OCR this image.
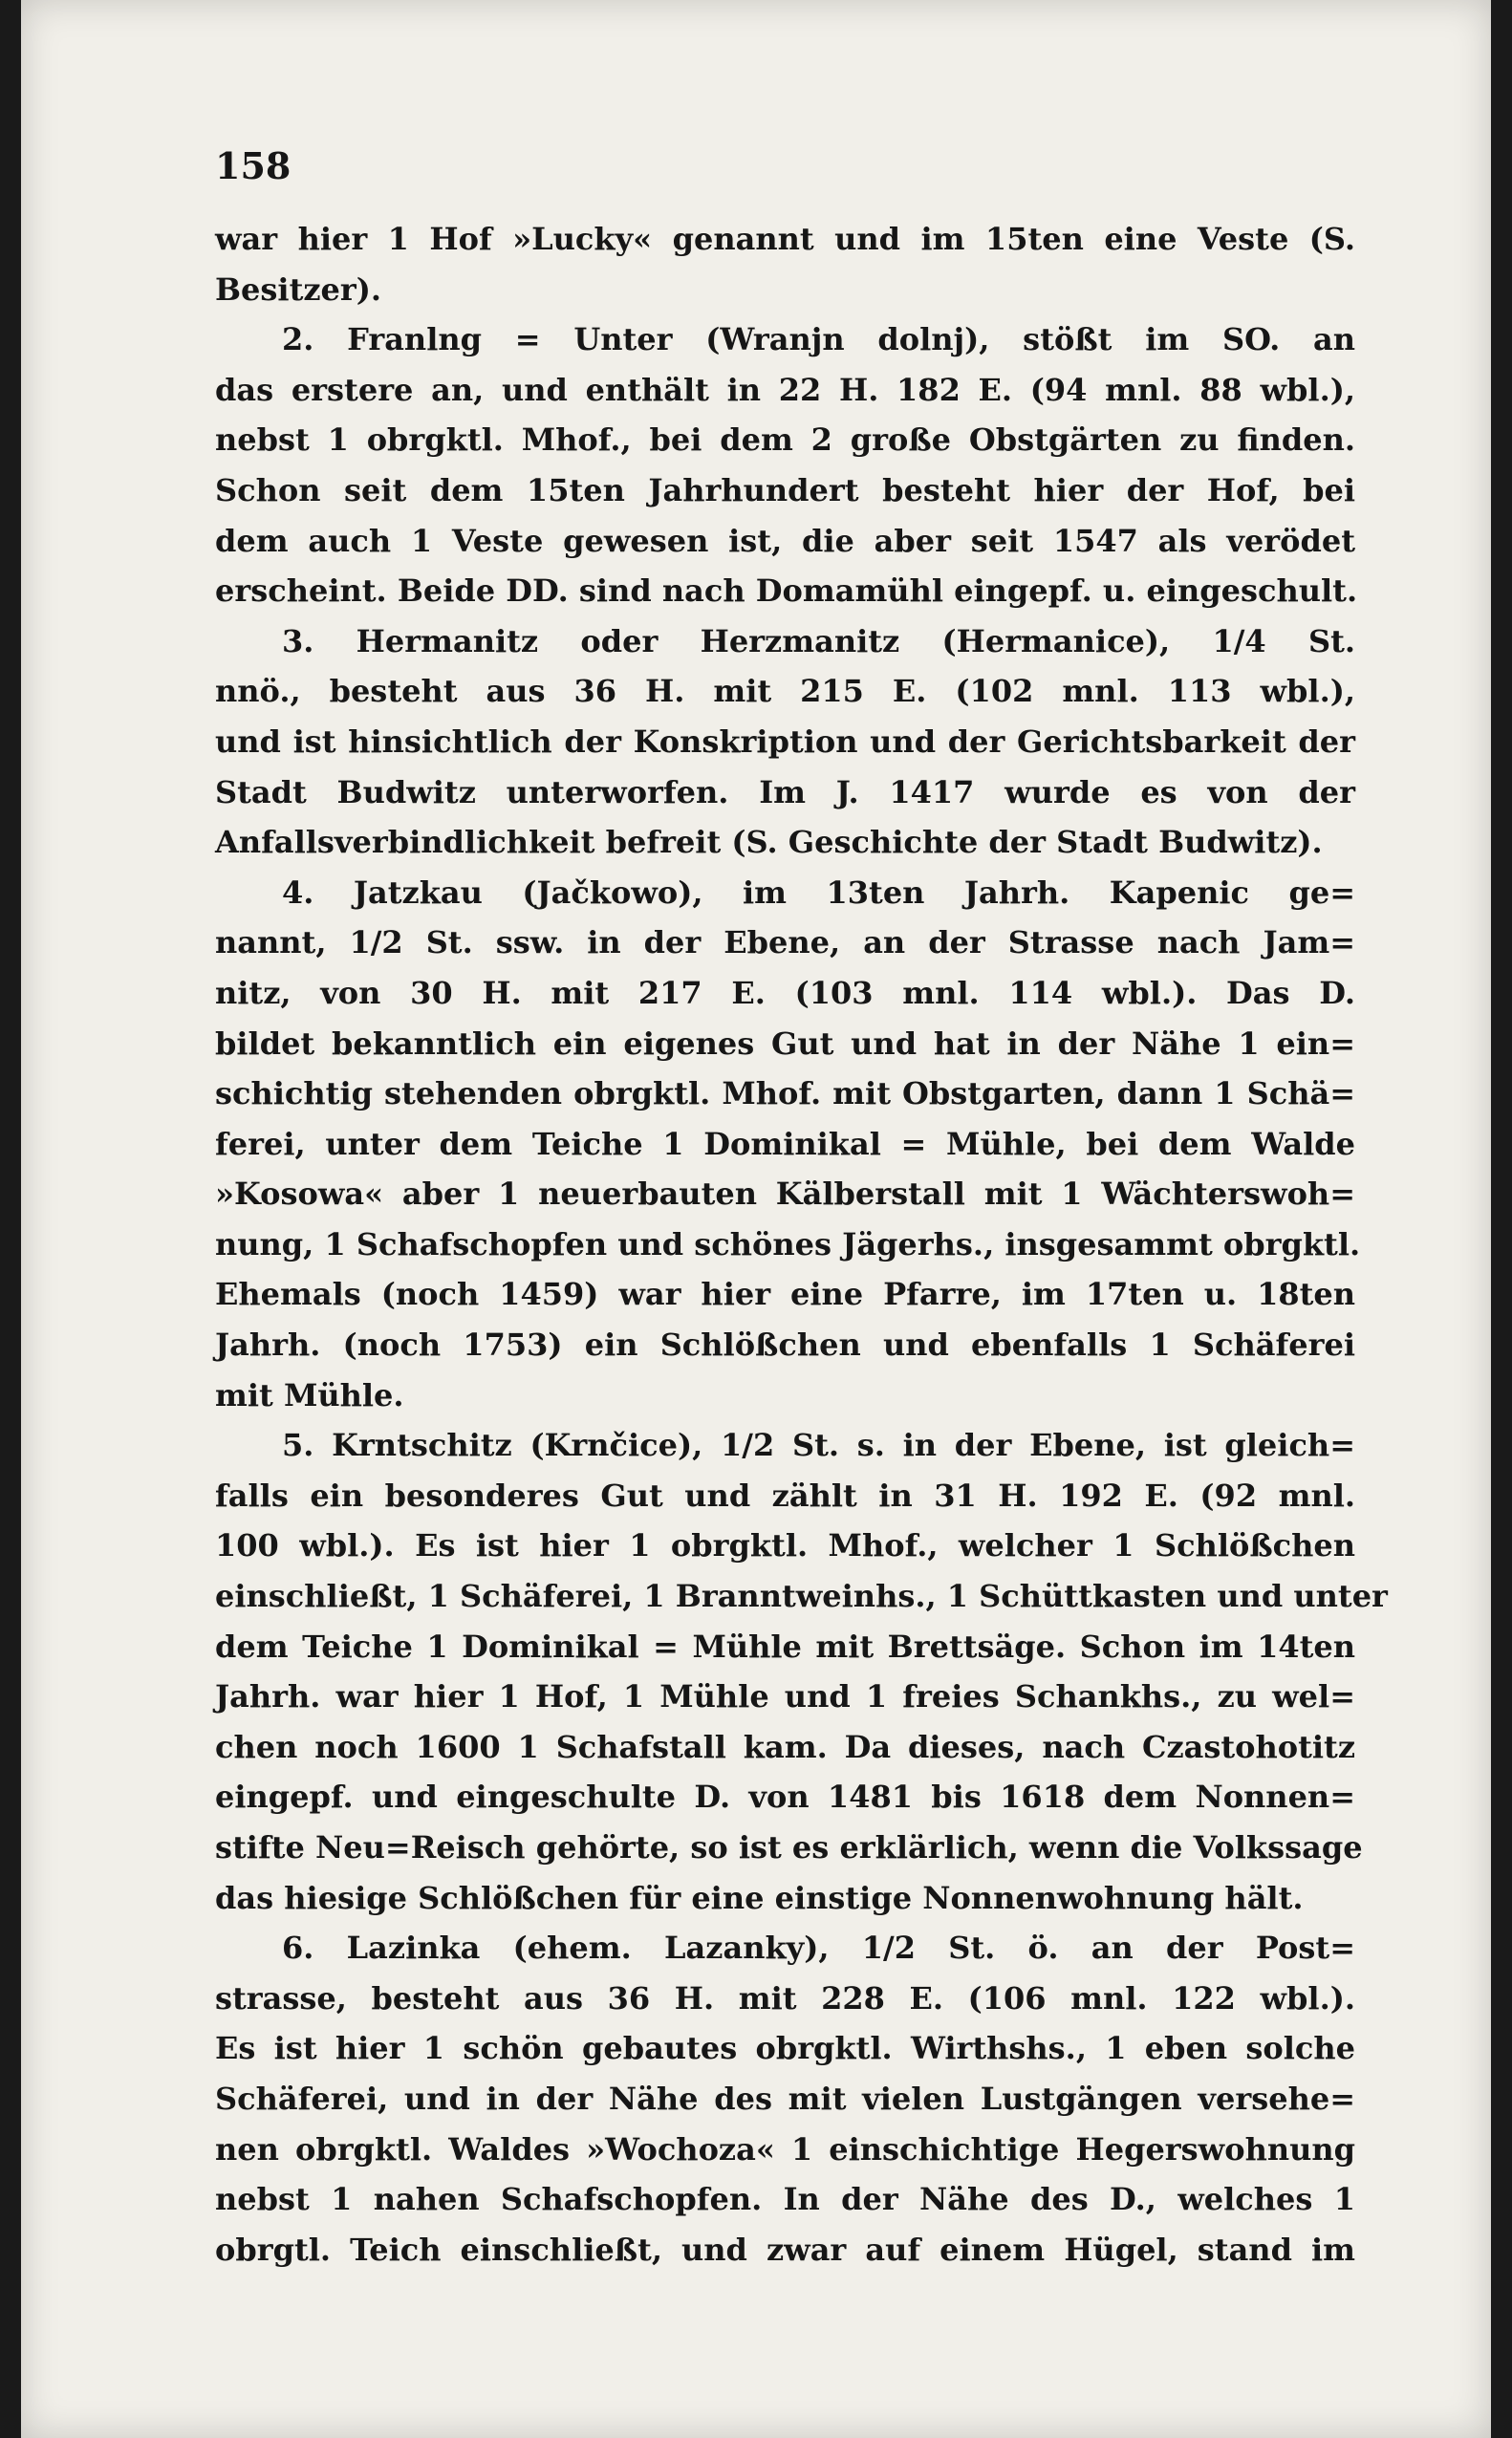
158
war hier 1 Hof »Lucky« genannt und im 15ten eine Veste (S.
Besitzer).
2. Franlng = Unter (Wranjn dolnj), stößt im SO. an
das erstere an, und enthält in 22 H. 182 E. (94 mnl. 88 wbl.),
nebst 1 obrgktl. Mhof., bei dem 2 große Obstgärten zu finden.
Schon seit dem 15ten Jahrhundert besteht hier der Hof, bei
dem auch 1 Veste gewesen ist, die aber seit 1547 als verödet
erscheint. Beide DD. sind nach Domamühl eingepf. u. eingeschult.
3. Hermanitz oder Herzmanitz (Hermanice), 1/4 St.
nnö., besteht aus 36 H. mit 215 E. (102 mnl. 113 wbl.),
und ist hinsichtlich der Konskription und der Gerichtsbarkeit der
Stadt Budwitz unterworfen. Im J. 1417 wurde es von der
Anfallsverbindlichkeit befreit (S. Geschichte der Stadt Budwitz).
4. Jatzkau (Jačkowo), im 13ten Jahrh. Kapenic ge=
nannt, 1/2 St. ssw. in der Ebene, an der Strasse nach Jam=
nitz, von 30 H. mit 217 E. (103 mnl. 114 wbl.). Das D.
bildet bekanntlich ein eigenes Gut und hat in der Nähe 1 ein=
schichtig stehenden obrgktl. Mhof. mit Obstgarten, dann 1 Schä=
ferei, unter dem Teiche 1 Dominikal = Mühle, bei dem Walde
»Kosowa« aber 1 neuerbauten Kälberstall mit 1 Wächterswoh=
nung, 1 Schafschopfen und schönes Jägerhs., insgesammt obrgktl.
Ehemals (noch 1459) war hier eine Pfarre, im 17ten u. 18ten
Jahrh. (noch 1753) ein Schlößchen und ebenfalls 1 Schäferei
mit Mühle.
5. Krntschitz (Krnčice), 1/2 St. s. in der Ebene, ist gleich=
falls ein besonderes Gut und zählt in 31 H. 192 E. (92 mnl.
100 wbl.). Es ist hier 1 obrgktl. Mhof., welcher 1 Schlößchen
einschließt, 1 Schäferei, 1 Branntweinhs., 1 Schüttkasten und unter
dem Teiche 1 Dominikal = Mühle mit Brettsäge. Schon im 14ten
Jahrh. war hier 1 Hof, 1 Mühle und 1 freies Schankhs., zu wel=
chen noch 1600 1 Schafstall kam. Da dieses, nach Czastohotitz
eingepf. und eingeschulte D. von 1481 bis 1618 dem Nonnen=
stifte Neu=Reisch gehörte, so ist es erklärlich, wenn die Volkssage
das hiesige Schlößchen für eine einstige Nonnenwohnung hält.
6. Lazinka (ehem. Lazanky), 1/2 St. ö. an der Post=
strasse, besteht aus 36 H. mit 228 E. (106 mnl. 122 wbl.).
Es ist hier 1 schön gebautes obrgktl. Wirthshs., 1 eben solche
Schäferei, und in der Nähe des mit vielen Lustgängen versehe=
nen obrgktl. Waldes »Wochoza« 1 einschichtige Hegerswohnung
nebst 1 nahen Schafschopfen. In der Nähe des D., welches 1
obrgtl. Teich einschließt, und zwar auf einem Hügel, stand im
